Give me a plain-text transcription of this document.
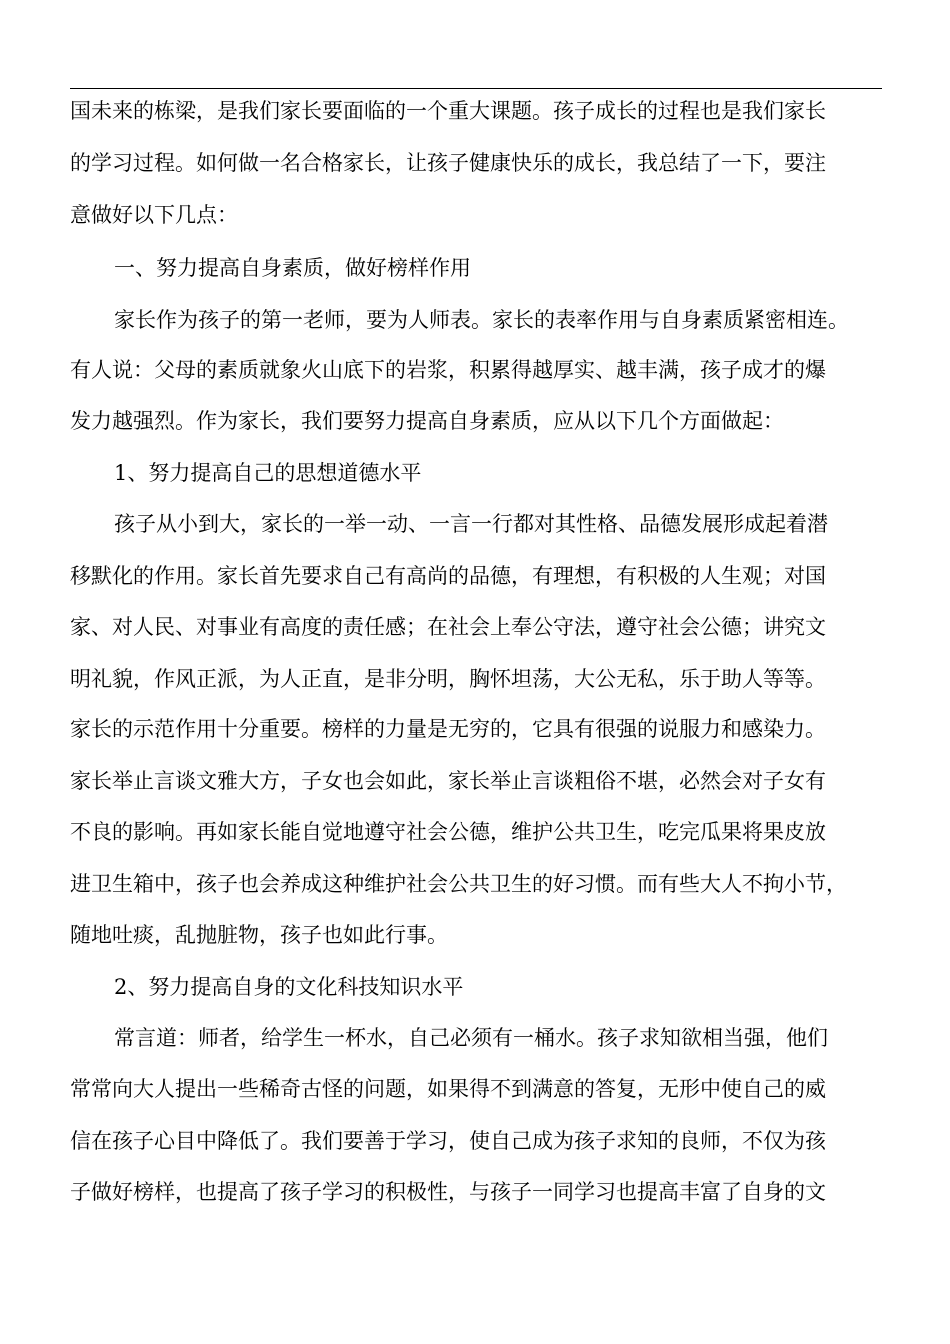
国未来的栋梁，是我们家长要面临的一个重大课题。孩子成长的过程也是我们家长
的学习过程。如何做一名合格家长，让孩子健康快乐的成长，我总结了一下，要注
意做好以下几点：
一、努力提高自身素质，做好榜样作用
家长作为孩子的第一老师，要为人师表。家长的表率作用与自身素质紧密相连。
有人说：父母的素质就象火山底下的岩浆，积累得越厚实、越丰满，孩子成才的爆
发力越强烈。作为家长，我们要努力提高自身素质，应从以下几个方面做起：
1、努力提高自己的思想道德水平
孩子从小到大，家长的一举一动、一言一行都对其性格、品德发展形成起着潜
移默化的作用。家长首先要求自己有高尚的品德，有理想，有积极的人生观；对国
家、对人民、对事业有高度的责任感；在社会上奉公守法，遵守社会公德；讲究文
明礼貌，作风正派，为人正直，是非分明，胸怀坦荡，大公无私，乐于助人等等。
家长的示范作用十分重要。榜样的力量是无穷的，它具有很强的说服力和感染力。
家长举止言谈文雅大方，子女也会如此，家长举止言谈粗俗不堪，必然会对子女有
不良的影响。再如家长能自觉地遵守社会公德，维护公共卫生，吃完瓜果将果皮放
进卫生箱中，孩子也会养成这种维护社会公共卫生的好习惯。而有些大人不拘小节，
随地吐痰，乱抛脏物，孩子也如此行事。
2、努力提高自身的文化科技知识水平
常言道：师者，给学生一杯水，自己必须有一桶水。孩子求知欲相当强，他们
常常向大人提出一些稀奇古怪的问题，如果得不到满意的答复，无形中使自己的威
信在孩子心目中降低了。我们要善于学习，使自己成为孩子求知的良师，不仅为孩
子做好榜样，也提高了孩子学习的积极性，与孩子一同学习也提高丰富了自身的文
